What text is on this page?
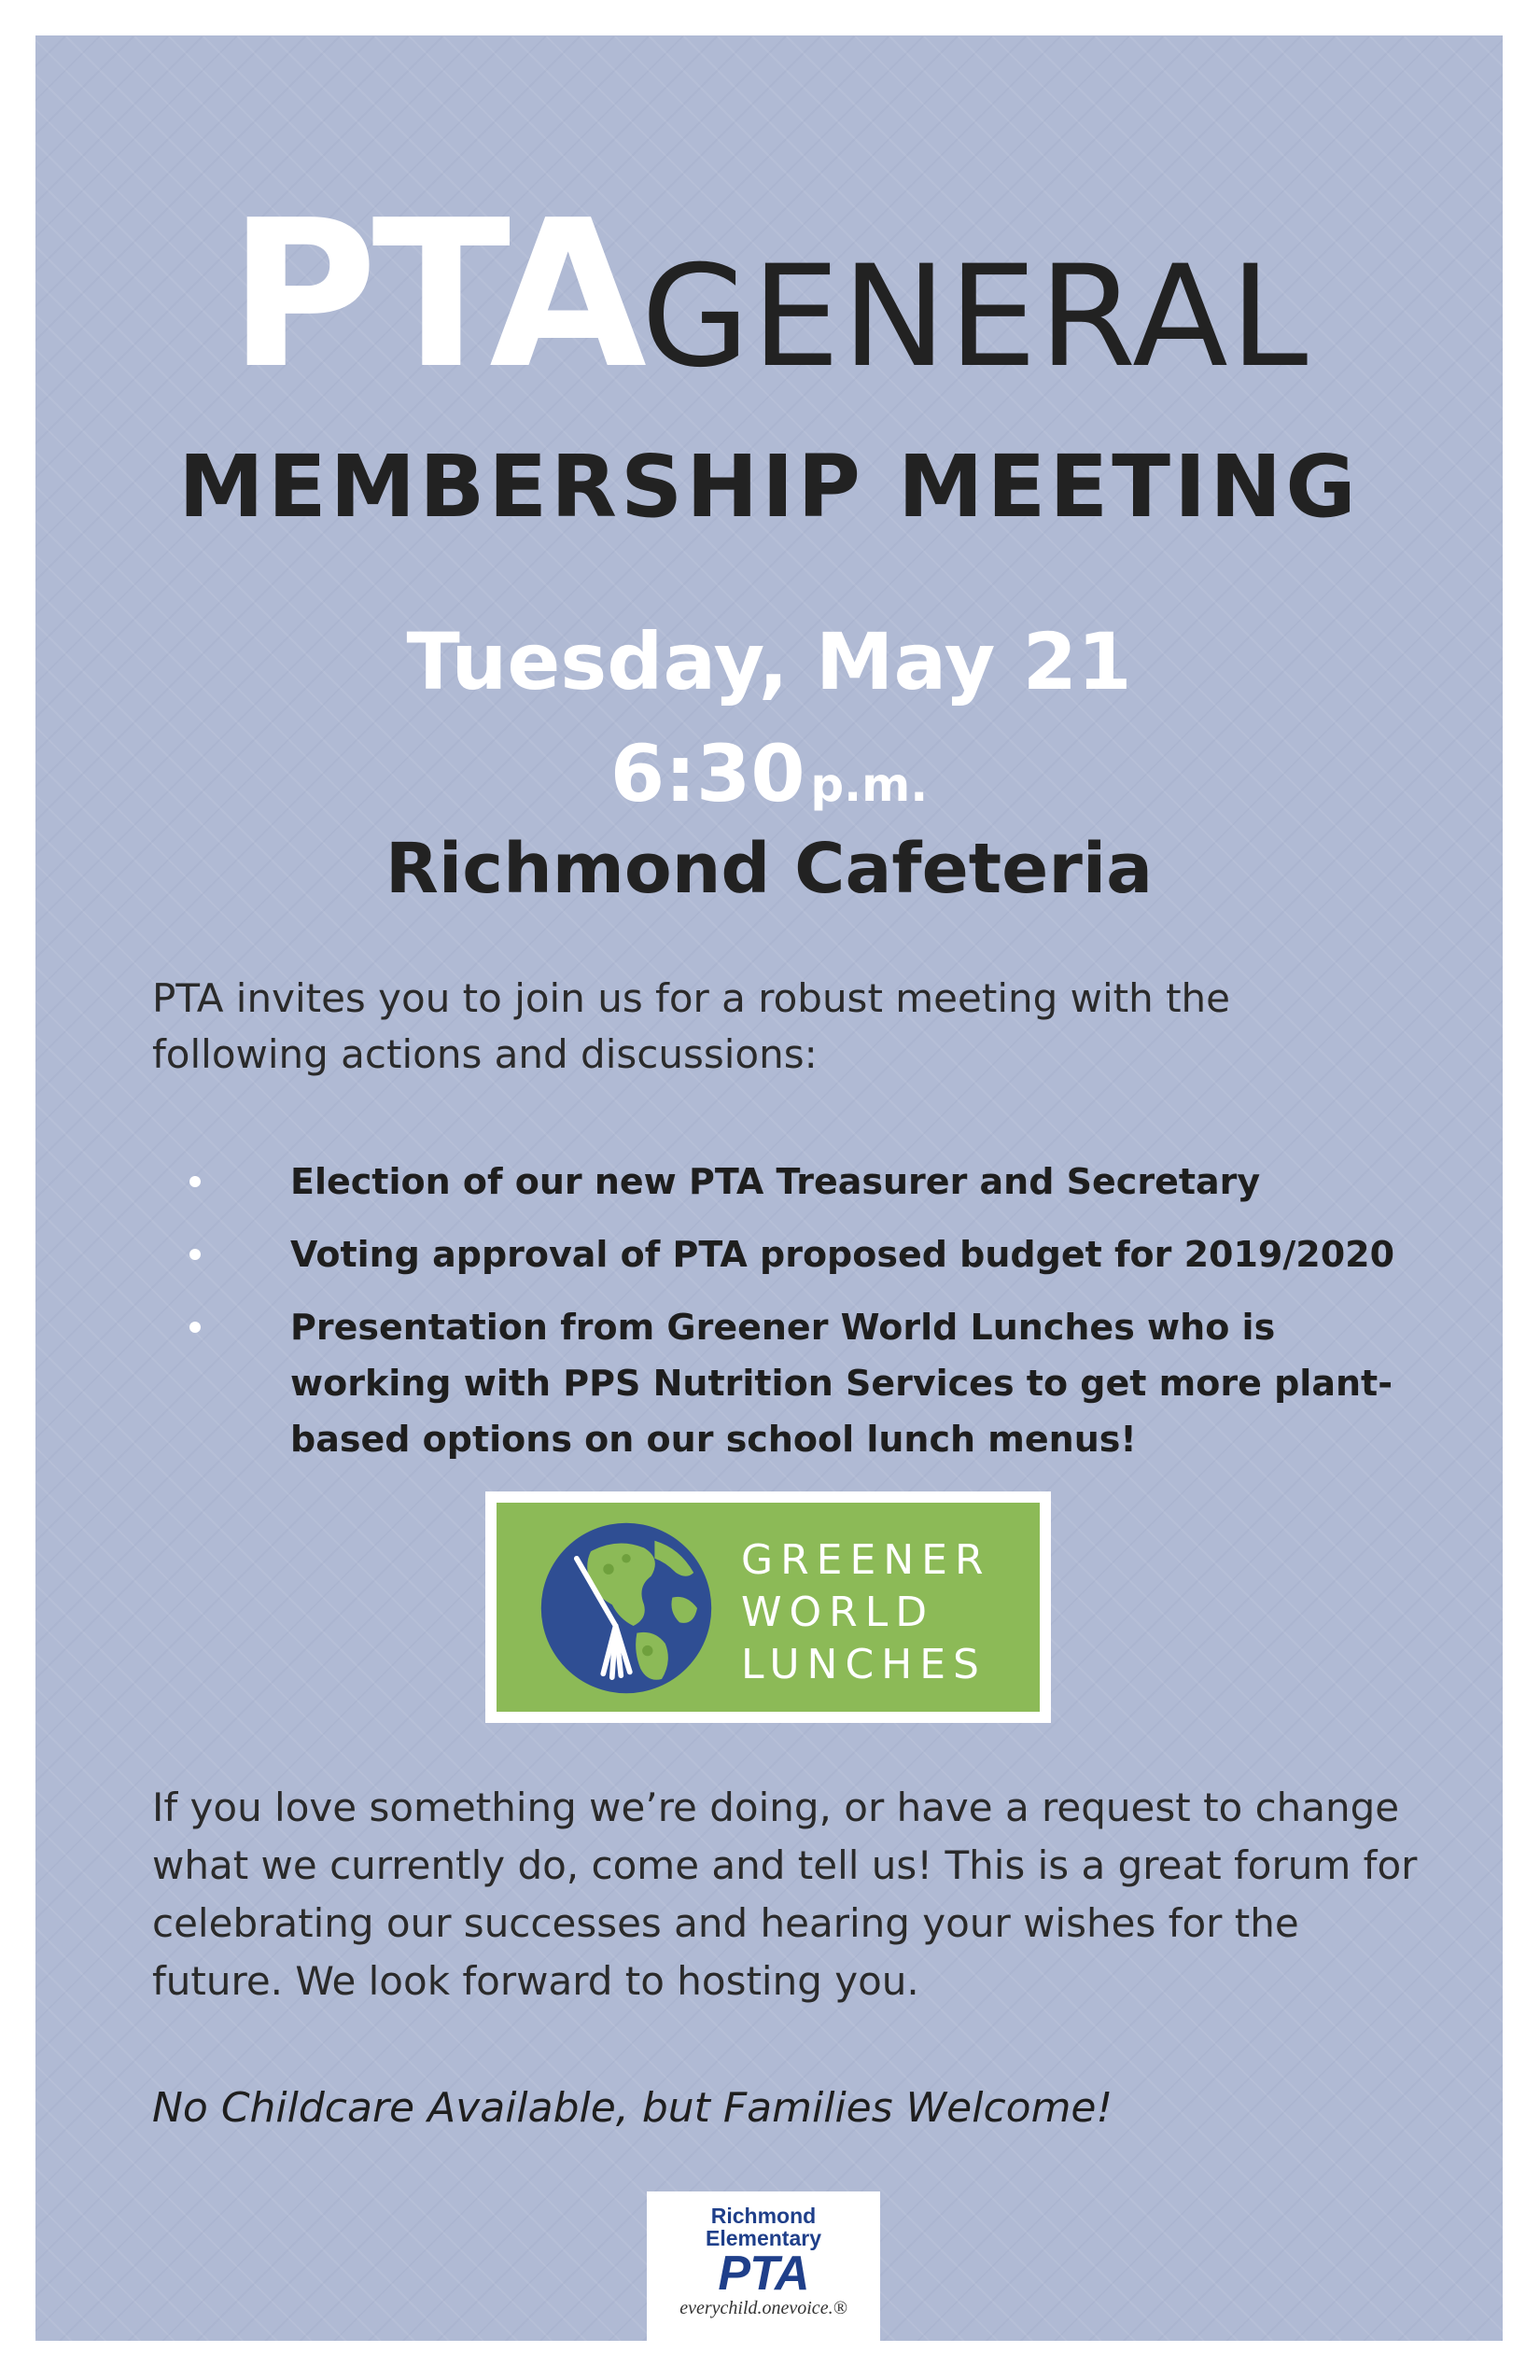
PTAGENERAL
MEMBERSHIP MEETING
Tuesday, May 21
6:30 p.m.
Richmond Cafeteria
PTA invites you to join us for a robust meeting with the following actions and discussions:
Election of our new PTA Treasurer and Secretary
Voting approval of PTA proposed budget for 2019/2020
Presentation from Greener World Lunches who is working with PPS Nutrition Services to get more plant-based options on our school lunch menus!
GREENER
WORLD
LUNCHES
If you love something we’re doing, or have a request to change what we currently do, come and tell us! This is a great forum for celebrating our successes and hearing your wishes for the future. We look forward to hosting you.
No Childcare Available, but Families Welcome!
Richmond
Elementary
PTA
everychild.onevoice.®
